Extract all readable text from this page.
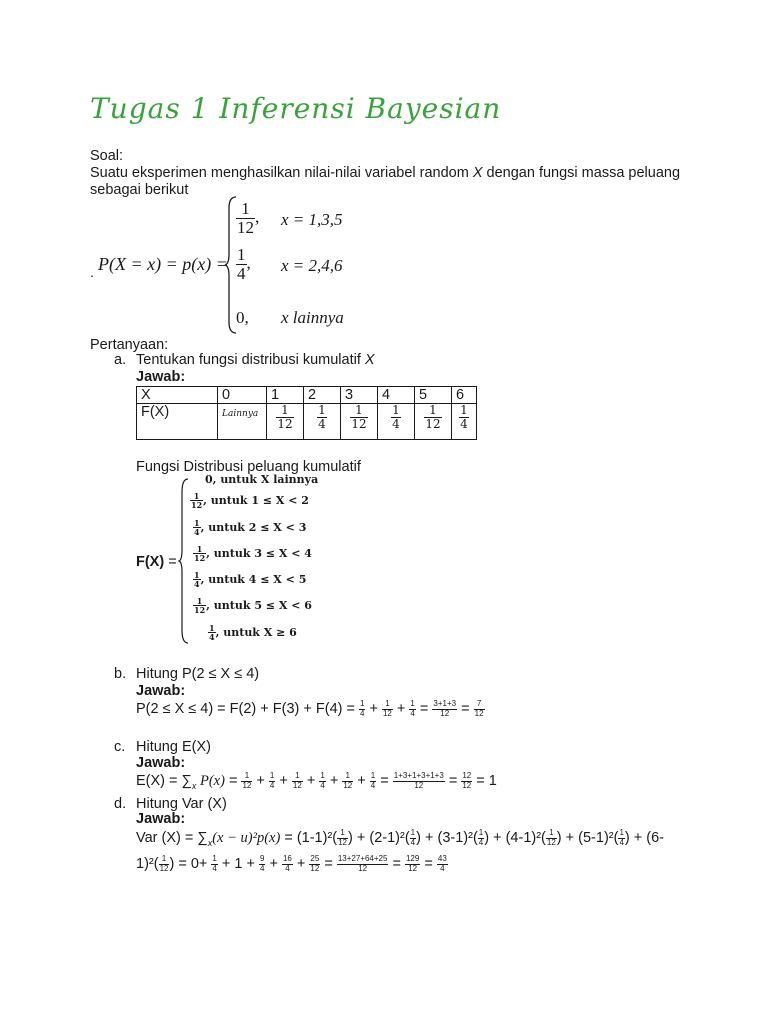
Tugas 1 Inferensi Bayesian
Soal:
Suatu eksperimen menghasilkan nilai-nilai variabel random X dengan fungsi massa peluang
sebagai berikut
. P(X = x) = p(x) =
$\frac{1}{12}$ , x = 1,3,5
$\frac{1}{4}$ , x = 2,4,6
0, x lainnya
Pertanyaan:
a. Tentukan fungsi distribusi kumulatif X
Jawab:
X	0	1	2	3	4	5	6
F(X)	Lainnya	$\frac{1}{12}$	$\frac{1}{4}$	$\frac{1}{12}$	$\frac{1}{4}$	$\frac{1}{12}$	$\frac{1}{4}$
Fungsi Distribusi peluang kumulatif
F(X) =
0, untuk X lainnya
$\frac{1}{12}$ , untuk 1 ≤ X < 2
$\frac{1}{4}$ , untuk 2 ≤ X < 3
$\frac{1}{12}$ , untuk 3 ≤ X < 4
$\frac{1}{4}$ , untuk 4 ≤ X < 5
$\frac{1}{12}$ , untuk 5 ≤ X < 6
$\frac{1}{4}$ , untuk X ≥ 6
b. Hitung P(2 ≤ X ≤ 4)
Jawab:
$P(2 \le X \le 4) = F(2) + F(3) + F(4) = \frac{1}{4} + \frac{1}{12} + \frac{1}{4} = \frac{3+1+3}{12} = \frac{7}{12}$
c. Hitung E(X)
Jawab:
$E(X) = \sum_x$ $P(x) = \frac{1}{12} + \frac{1}{4} + \frac{1}{12} + \frac{1}{4} + \frac{1}{12} + \frac{1}{4} = \frac{1+3+1+3+1+3}{12} = \frac{12}{12} = 1$
d. Hitung Var (X)
Jawab:
Var $(X) = \sum_x(x - u)^2p(x) = (1-1)^2( \frac{1}{12}$ ) + $(2-1)^2( \frac{1}{4}$ ) + $(3-1)^2( \frac{1}{4}$ ) + $(4-1)^2( \frac{1}{12}$ ) + $(5-1)^2( \frac{1}{4}$ ) + (6-
$1)^2( \frac{1}{12}$ ) = $0+ \frac{1}{4} + 1 + \frac{9}{4} + \frac{16}{4} + \frac{25}{12} = \frac{13+27+64+25}{12} = \frac{129}{12} = \frac{43}{4}$
